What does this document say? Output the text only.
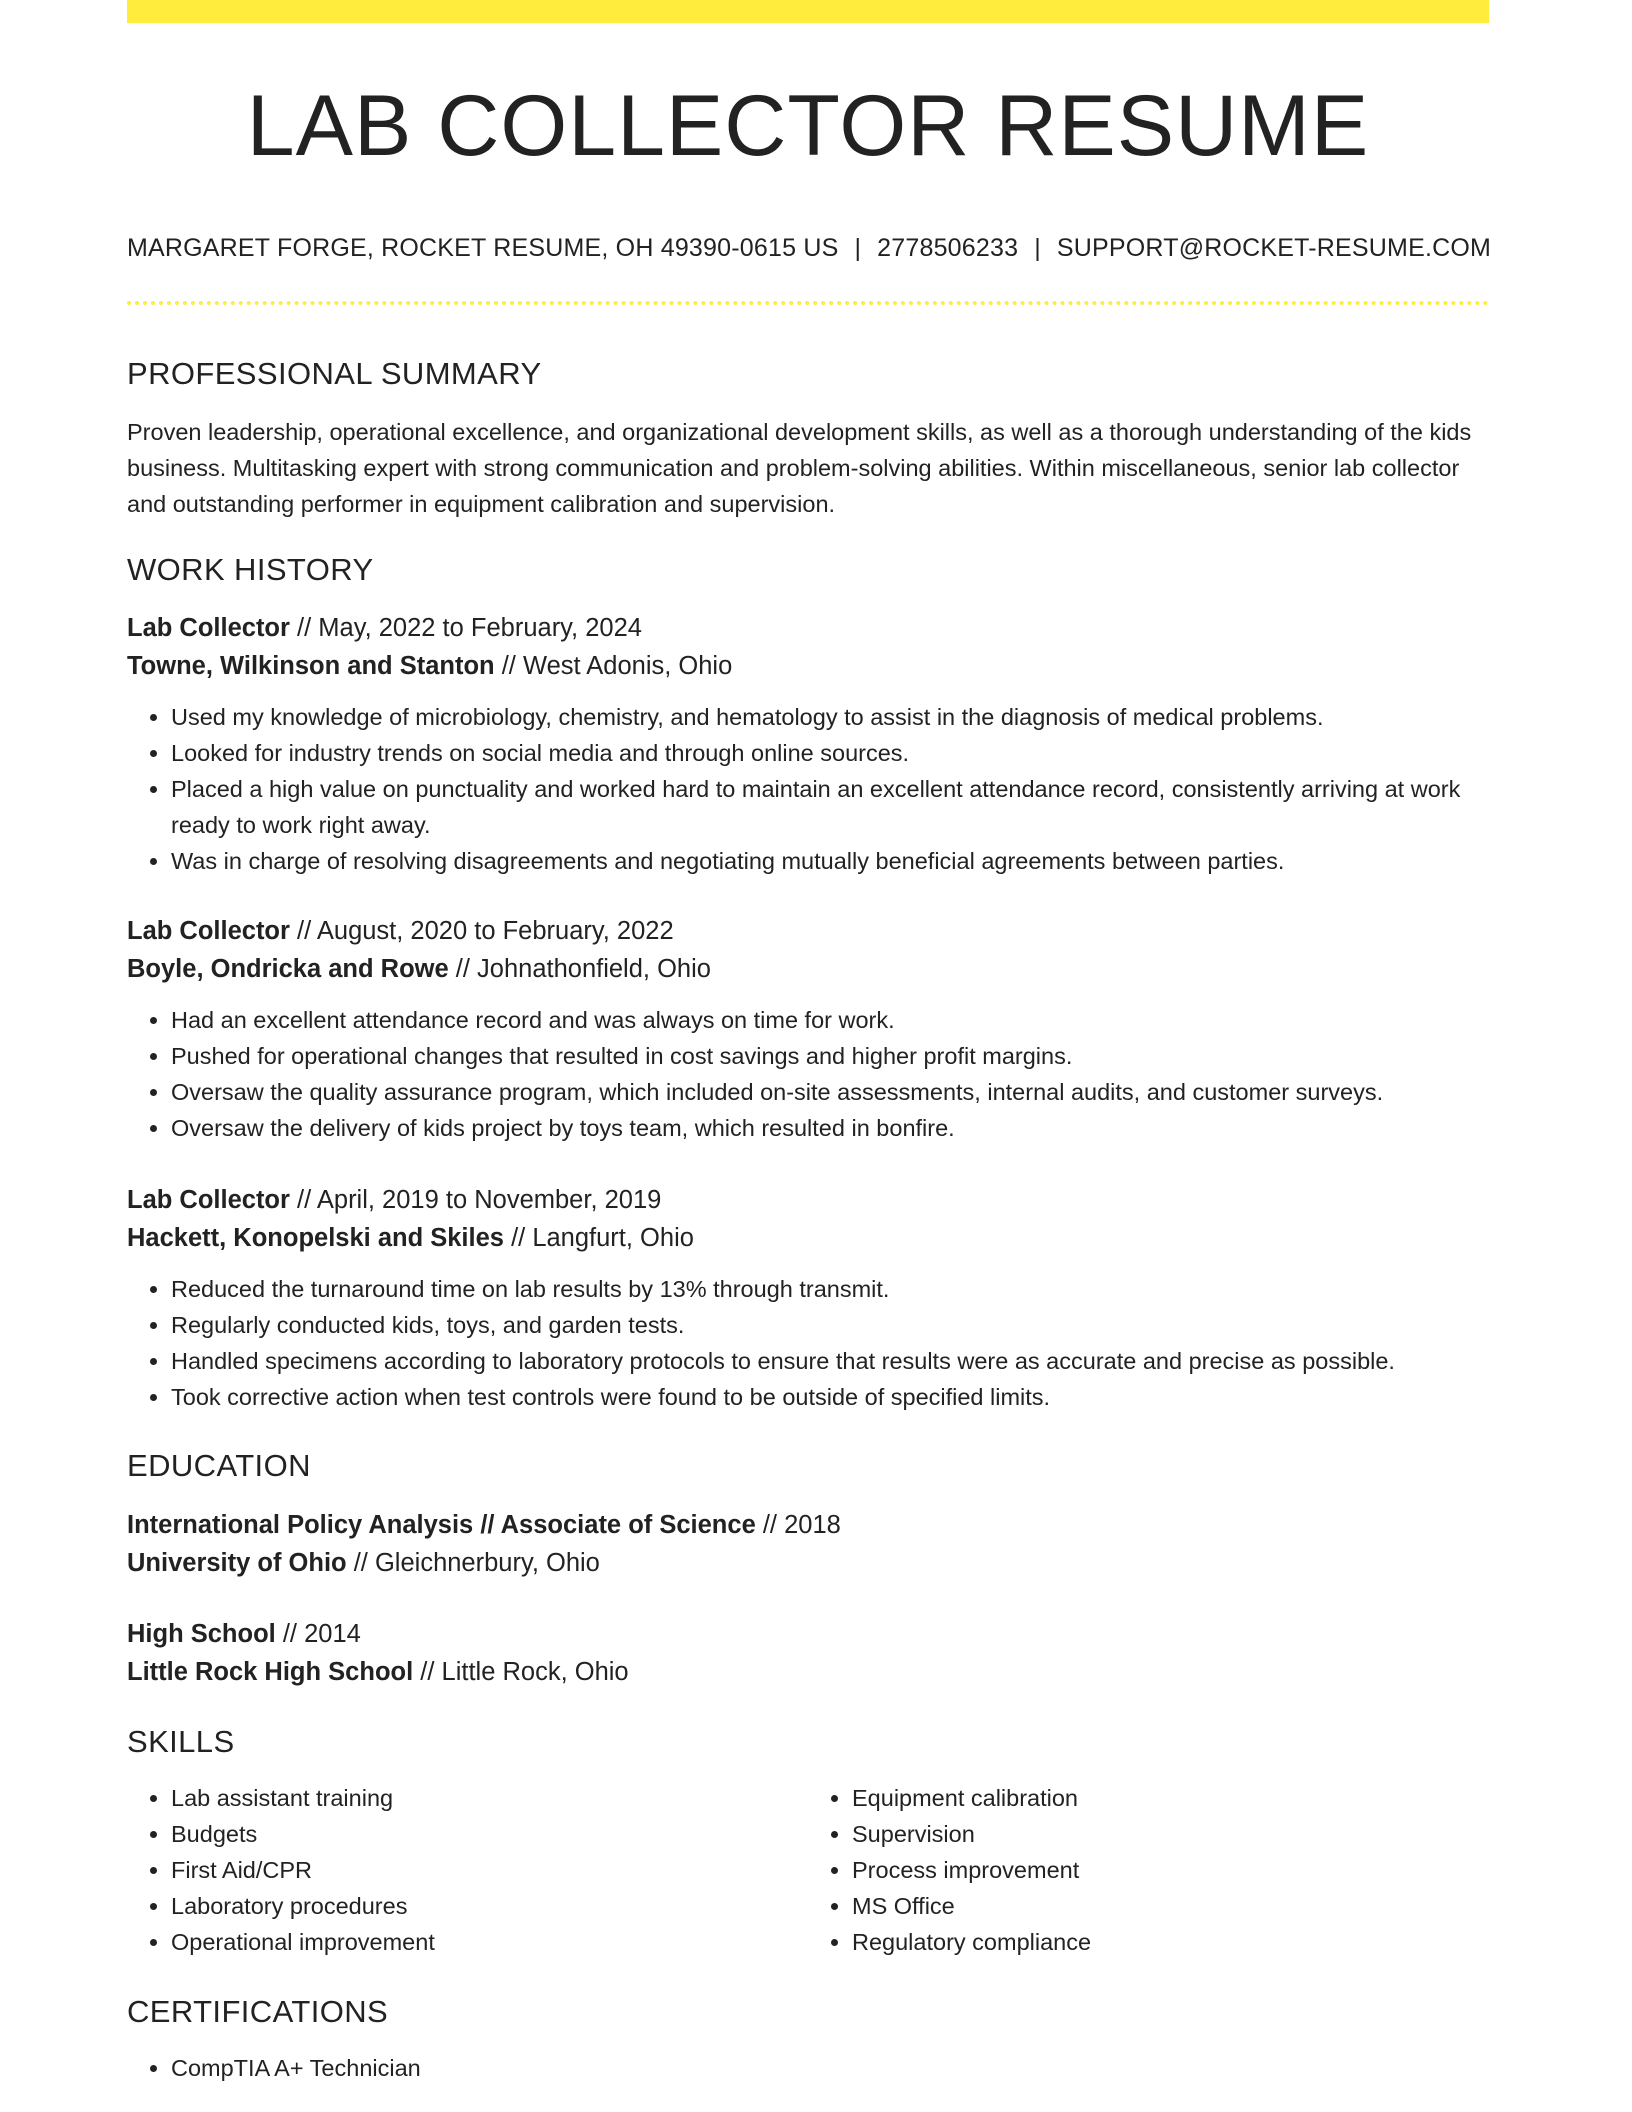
LAB COLLECTOR RESUME
MARGARET FORGE, ROCKET RESUME, OH 49390-0615 US | 2778506233 | SUPPORT@ROCKET-RESUME.COM
PROFESSIONAL SUMMARY

Proven leadership, operational excellence, and organizational development skills, as well as a thorough understanding of the kids business. Multitasking expert with strong communication and problem-solving abilities. Within miscellaneous, senior lab collector and outstanding performer in equipment calibration and supervision.

WORK HISTORY
Lab Collector // May, 2022 to February, 2024
Towne, Wilkinson and Stanton // West Adonis, Ohio
• Used my knowledge of microbiology, chemistry, and hematology to assist in the diagnosis of medical problems.
• Looked for industry trends on social media and through online sources.
• Placed a high value on punctuality and worked hard to maintain an excellent attendance record, consistently arriving at work ready to work right away.
• Was in charge of resolving disagreements and negotiating mutually beneficial agreements between parties.
Lab Collector // August, 2020 to February, 2022
Boyle, Ondricka and Rowe // Johnathonfield, Ohio
• Had an excellent attendance record and was always on time for work.
• Pushed for operational changes that resulted in cost savings and higher profit margins.
• Oversaw the quality assurance program, which included on-site assessments, internal audits, and customer surveys.
• Oversaw the delivery of kids project by toys team, which resulted in bonfire.
Lab Collector // April, 2019 to November, 2019
Hackett, Konopelski and Skiles // Langfurt, Ohio
• Reduced the turnaround time on lab results by 13% through transmit.
• Regularly conducted kids, toys, and garden tests.
• Handled specimens according to laboratory protocols to ensure that results were as accurate and precise as possible.
• Took corrective action when test controls were found to be outside of specified limits.
EDUCATION
International Policy Analysis // Associate of Science // 2018
University of Ohio // Gleichnerbury, Ohio
High School // 2014
Little Rock High School // Little Rock, Ohio
SKILLS
• Lab assistant training
• Budgets
• First Aid/CPR
• Laboratory procedures
• Operational improvement
• Equipment calibration
• Supervision
• Process improvement
• MS Office
• Regulatory compliance
CERTIFICATIONS
• CompTIA A+ Technician
